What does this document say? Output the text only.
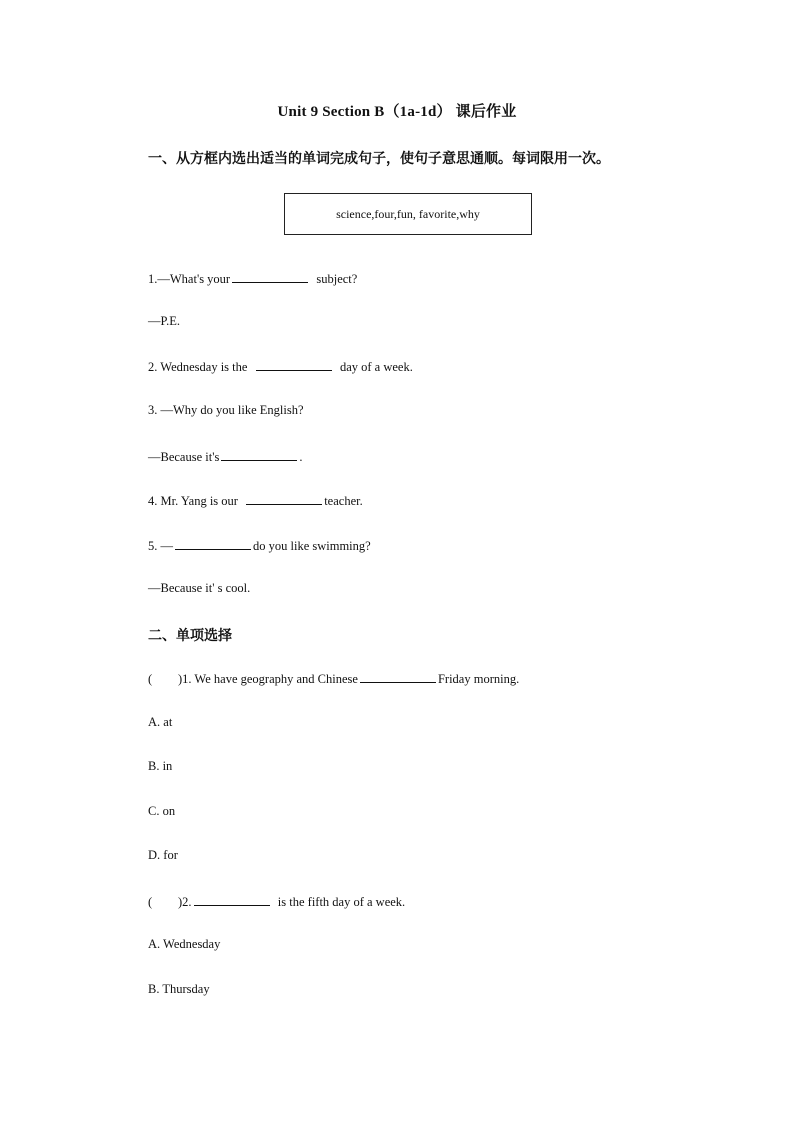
Unit 9 Section B（1a-1d） 课后作业
一、从方框内选出适当的单词完成句子，使句子意思通顺。每词限用一次。
science,four,fun, favorite,why
1.—What's your	subject?
—P.E.
2. Wednesday is the	day of a week.
3. —Why do you like English?
—Because it's	.
4. Mr. Yang is our	teacher.
5. —	do you like swimming?
—Because it' s cool.
二、单项选择
( )1. We have geography and Chinese	Friday morning.
A. at
B. in
C. on
D. for
( )2.	is the fifth day of a week.
A. Wednesday
B. Thursday
